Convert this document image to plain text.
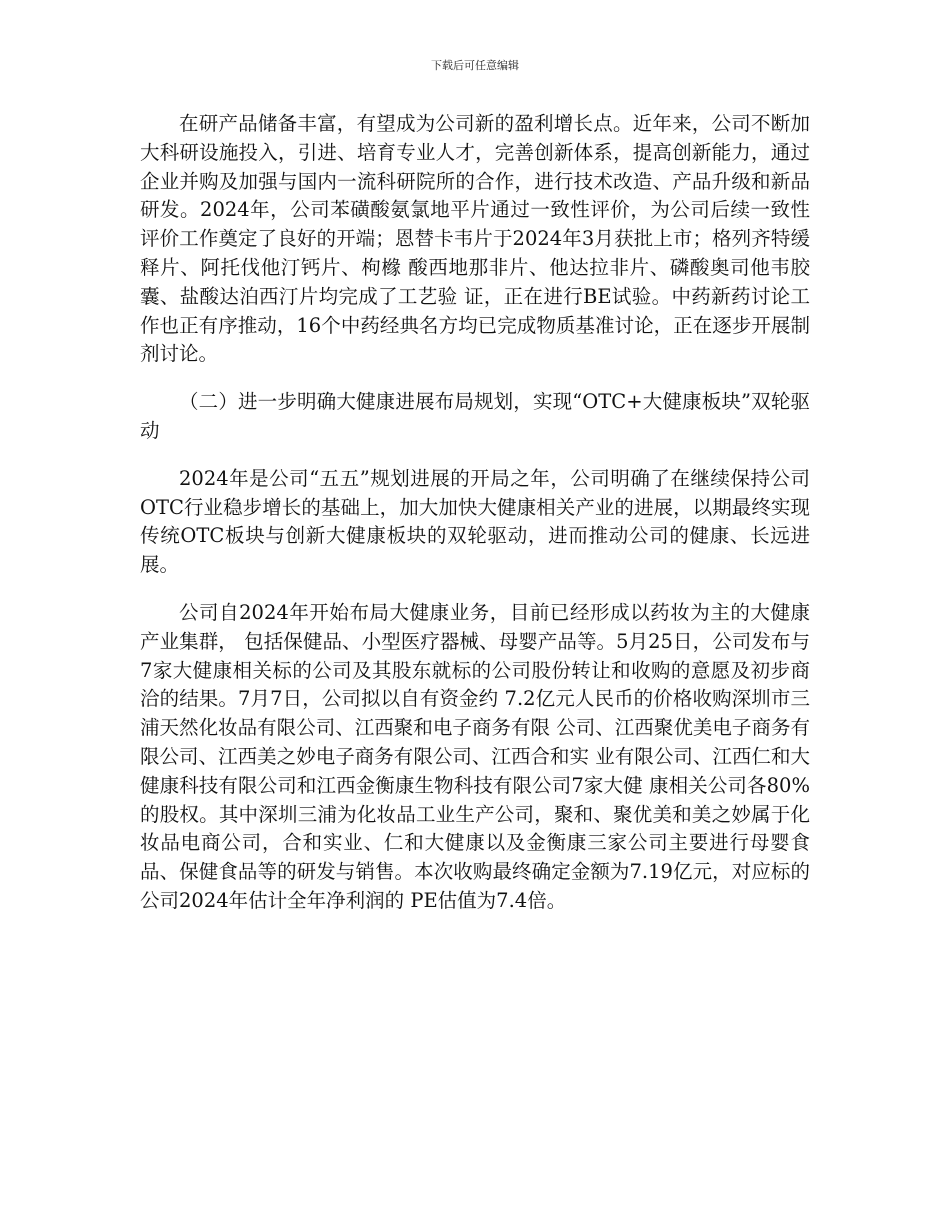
下载后可任意编辑

在研产品储备丰富，有望成为公司新的盈利增长点。近年来，公司不断加大科研设施投入，引进、培育专业人才，完善创新体系，提高创新能力，通过企业并购及加强与国内一流科研院所的合作，进行技术改造、产品升级和新品研发。2024年，公司苯磺酸氨氯地平片通过一致性评价，为公司后续一致性评价工作奠定了良好的开端；恩替卡韦片于2024年3月获批上市；格列齐特缓释片、阿托伐他汀钙片、枸橼 酸西地那非片、他达拉非片、磷酸奥司他韦胶囊、盐酸达泊西汀片均完成了工艺验 证，正在进行BE试验。中药新药讨论工作也正有序推动，16个中药经典名方均已完成物质基准讨论，正在逐步开展制剂讨论。

（二）进一步明确大健康进展布局规划，实现“OTC+大健康板块”双轮驱动

2024年是公司“五五”规划进展的开局之年，公司明确了在继续保持公司OTC行业稳步增长的基础上，加大加快大健康相关产业的进展，以期最终实现传统OTC板块与创新大健康板块的双轮驱动，进而推动公司的健康、长远进展。

公司自2024年开始布局大健康业务，目前已经形成以药妆为主的大健康产业集群， 包括保健品、小型医疗器械、母婴产品等。5月25日，公司发布与7家大健康相关标的公司及其股东就标的公司股份转让和收购的意愿及初步商洽的结果。7月7日，公司拟以自有资金约 7.2亿元人民币的价格收购深圳市三浦天然化妆品有限公司、江西聚和电子商务有限 公司、江西聚优美电子商务有限公司、江西美之妙电子商务有限公司、江西合和实 业有限公司、江西仁和大健康科技有限公司和江西金衡康生物科技有限公司7家大健 康相关公司各80%的股权。其中深圳三浦为化妆品工业生产公司，聚和、聚优美和美之妙属于化妆品电商公司，合和实业、仁和大健康以及金衡康三家公司主要进行母婴食品、保健食品等的研发与销售。本次收购最终确定金额为7.19亿元，对应标的公司2024年估计全年净利润的 PE估值为7.4倍。
